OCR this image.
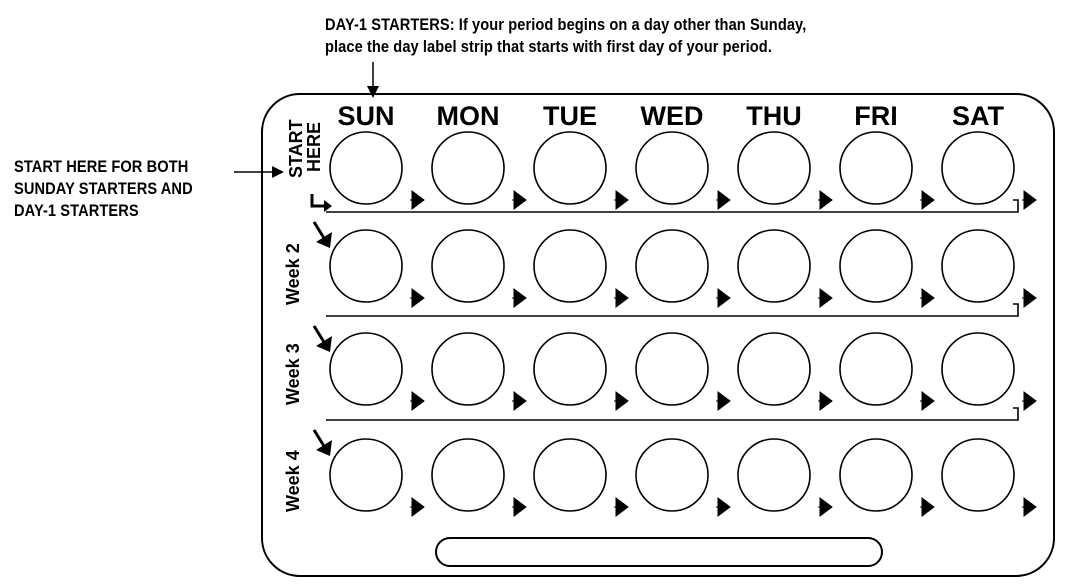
DAY-1 STARTERS: If your period begins on a day other than Sunday,
place the day label strip that starts with first day of your period.
START HERE FOR BOTH
SUNDAY STARTERS AND
DAY-1 STARTERS
SUN MON TUE WED THU FRI SAT
START
HERE
Week 2
Week 3
Week 4
